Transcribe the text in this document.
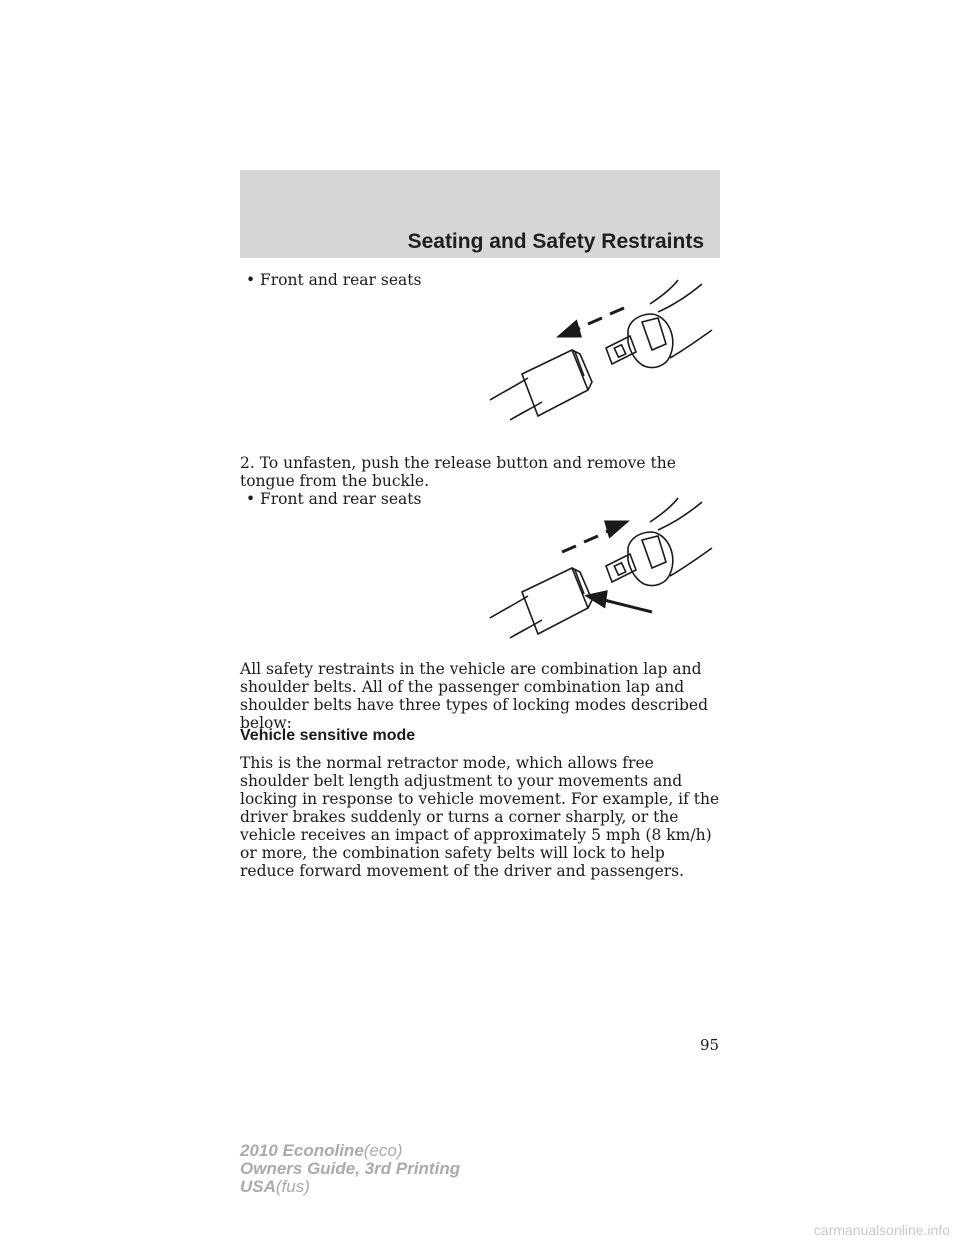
Seating and Safety Restraints
• Front and rear seats
2. To unfasten, push the release button and remove the tongue from the buckle.
• Front and rear seats
All safety restraints in the vehicle are combination lap and shoulder belts. All of the passenger combination lap and shoulder belts have three types of locking modes described below:
Vehicle sensitive mode
This is the normal retractor mode, which allows free shoulder belt length adjustment to your movements and locking in response to vehicle movement. For example, if the driver brakes suddenly or turns a corner sharply, or the vehicle receives an impact of approximately 5 mph (8 km/h) or more, the combination safety belts will lock to help reduce forward movement of the driver and passengers.
95
2010 Econoline(eco)
Owners Guide, 3rd Printing
USA(fus)
carmanualsonline.info
